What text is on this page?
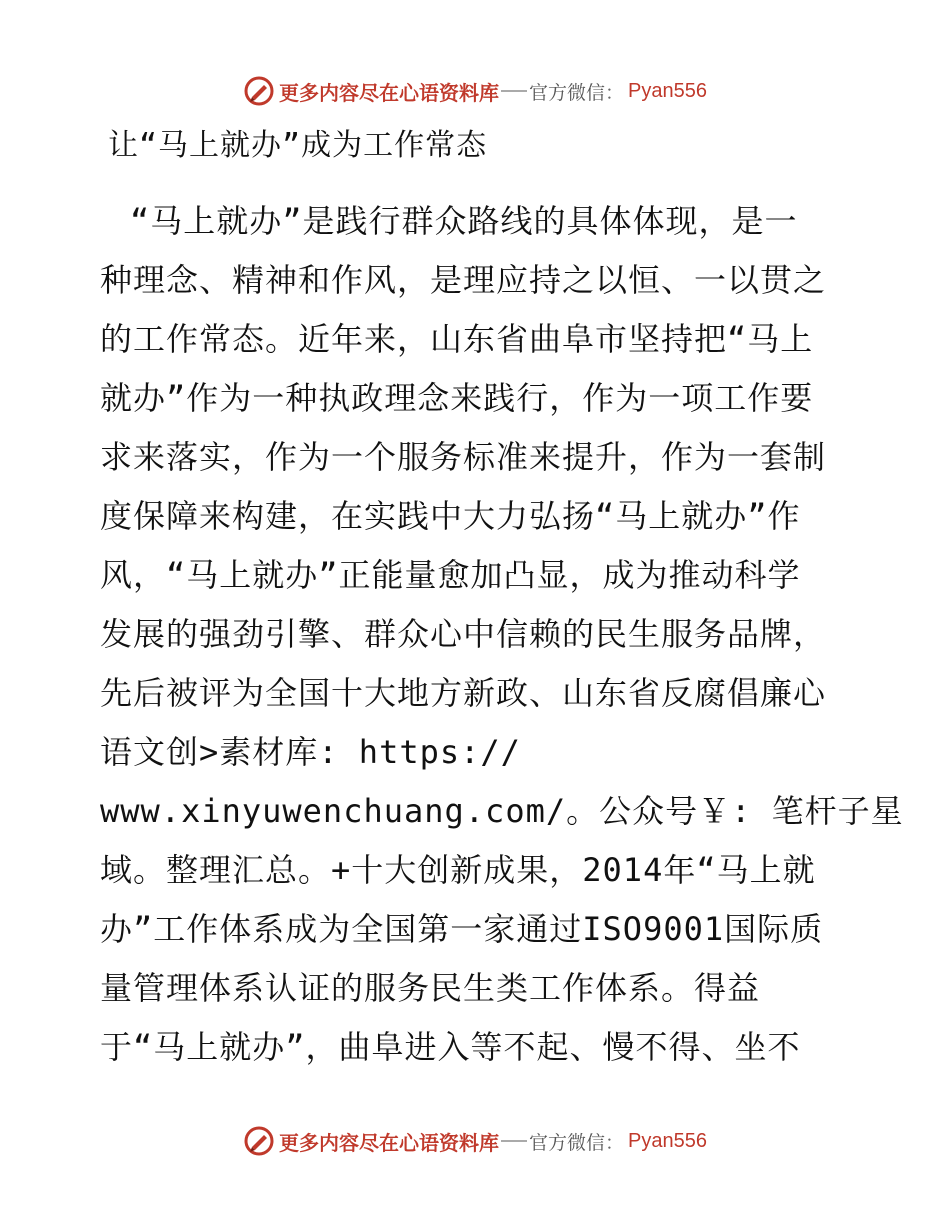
更多内容尽在心语资料库 官方微信 ： Pyan556
让“马上就办”成为工作常态
“马上就办”是践行群众路线的具体体现，是一
种理念、精神和作风，是理应持之以恒、一以贯之
的工作常态。近年来，山东省曲阜市坚持把“马上
就办”作为一种执政理念来践行，作为一项工作要
求来落实，作为一个服务标准来提升，作为一套制
度保障来构建，在实践中大力弘扬“马上就办”作
风，“马上就办”正能量愈加凸显，成为推动科学
发展的强劲引擎、群众心中信赖的民生服务品牌，
先后被评为全国十大地方新政、山东省反腐倡廉心
语文创>素材库: https://
www.xinyuwenchuang.com/。公众号￥: 笔杆子星
域。整理汇总。+十大创新成果，2014年“马上就
办”工作体系成为全国第一家通过ISO9001国际质
量管理体系认证的服务民生类工作体系。得益
于“马上就办”，曲阜进入等不起、慢不得、坐不
更多内容尽在心语资料库 官方微信 ： Pyan556
